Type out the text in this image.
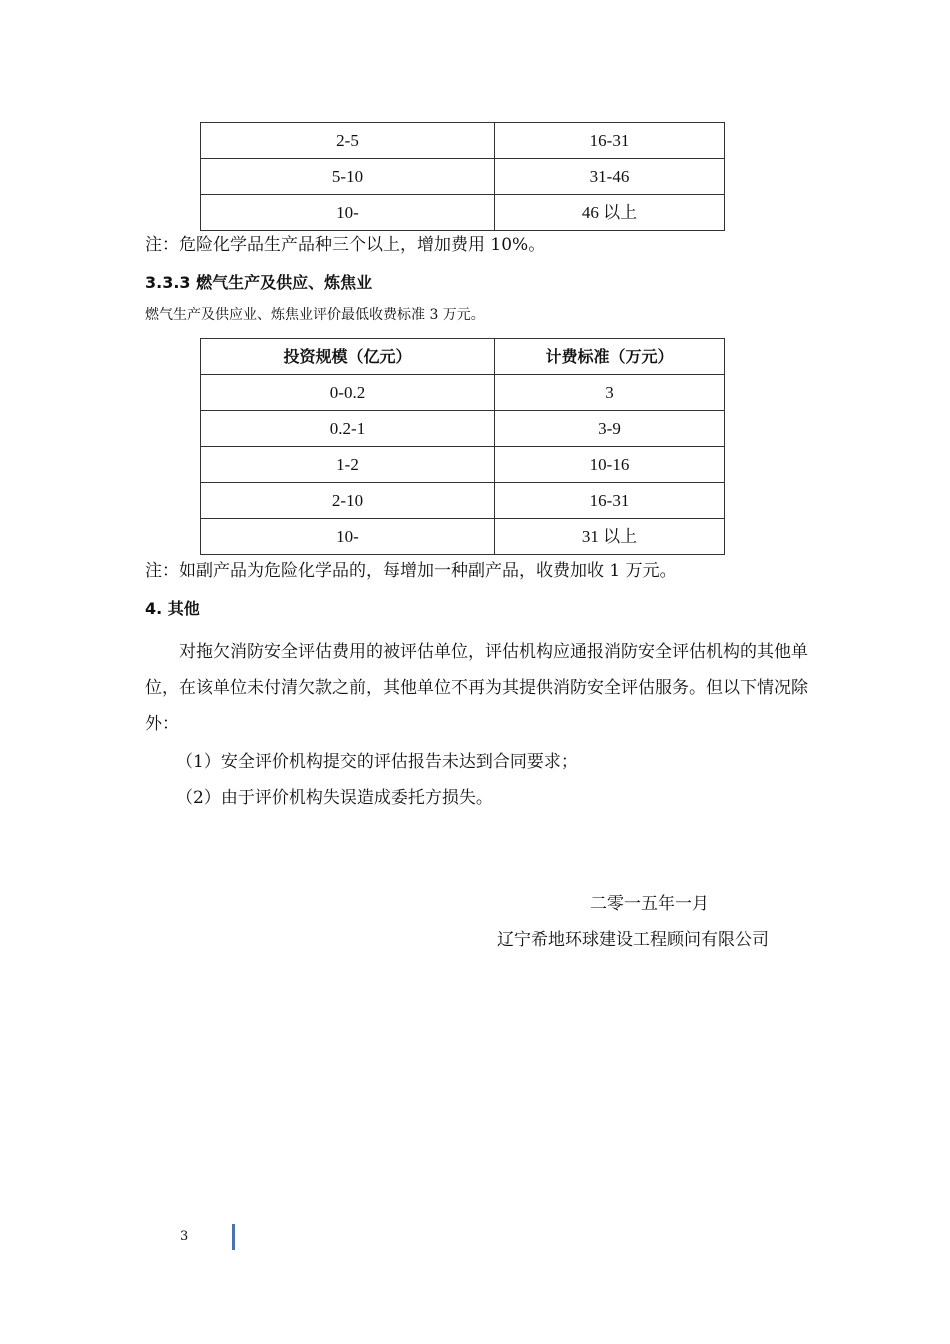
2-5	16-31
5-10	31-46
10-	46 以上
注：危险化学品生产品种三个以上，增加费用 10%。
3.3.3 燃气生产及供应、炼焦业
燃气生产及供应业、炼焦业评价最低收费标准 3 万元。
投资规模（亿元）	计费标准（万元）
0-0.2	3
0.2-1	3-9
1-2	10-16
2-10	16-31
10-	31 以上
注：如副产品为危险化学品的，每增加一种副产品，收费加收 1 万元。
4. 其他

对拖欠消防安全评估费用的被评估单位，评估机构应通报消防安全评估机构的其他单位，在该单位未付清欠款之前，其他单位不再为其提供消防安全评估服务。但以下情况除外：

（1）安全评价机构提交的评估报告未达到合同要求；
（2）由于评价机构失误造成委托方损失。
二零一五年一月
辽宁希地环球建设工程顾问有限公司
3
